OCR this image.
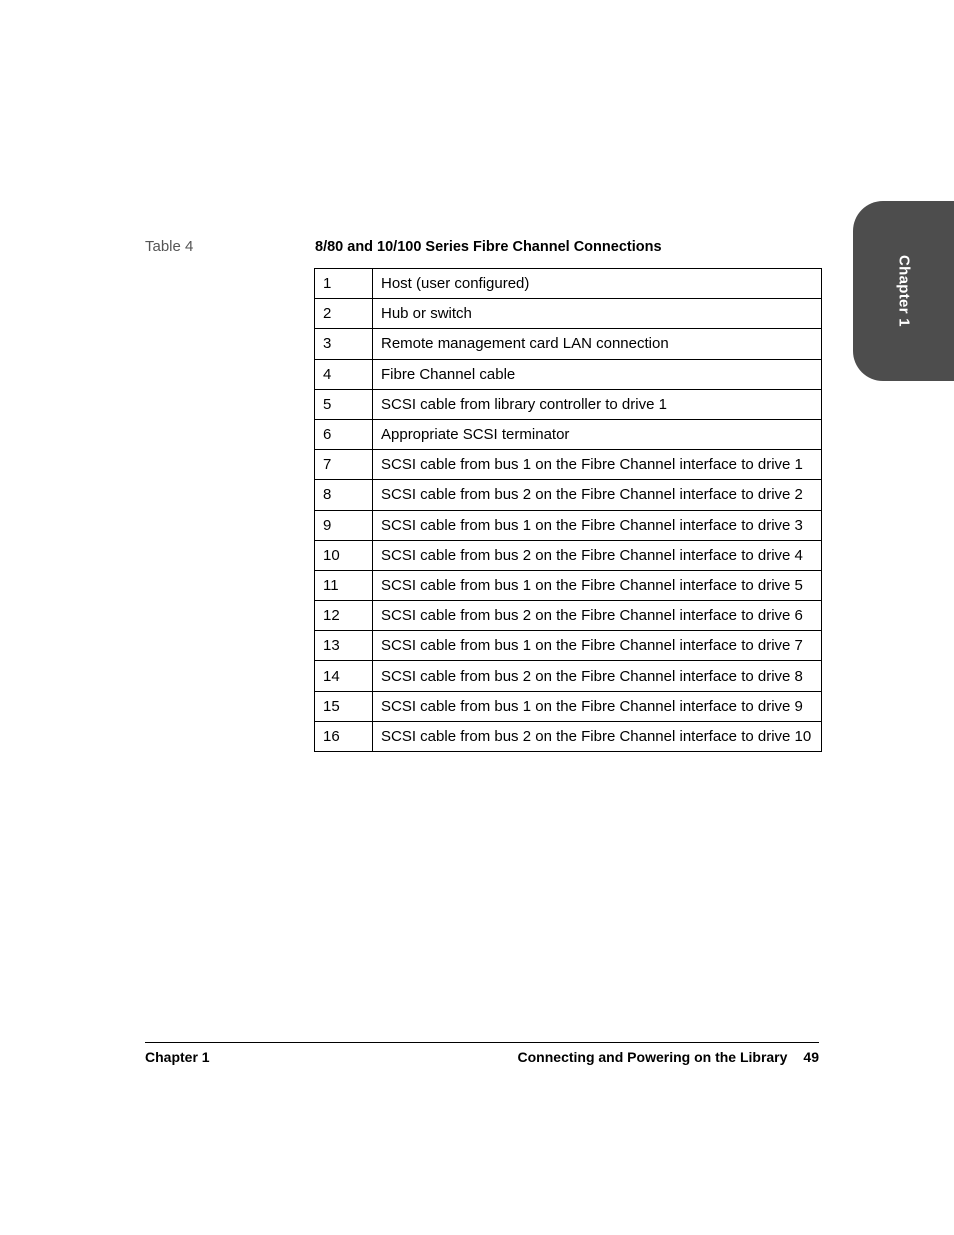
Chapter 1
Table 4	8/80 and 10/100 Series Fibre Channel Connections
1	Host (user configured)
2	Hub or switch
3	Remote management card LAN connection
4	Fibre Channel cable
5	SCSI cable from library controller to drive 1
6	Appropriate SCSI terminator
7	SCSI cable from bus 1 on the Fibre Channel interface to drive 1
8	SCSI cable from bus 2 on the Fibre Channel interface to drive 2
9	SCSI cable from bus 1 on the Fibre Channel interface to drive 3
10	SCSI cable from bus 2 on the Fibre Channel interface to drive 4
11	SCSI cable from bus 1 on the Fibre Channel interface to drive 5
12	SCSI cable from bus 2 on the Fibre Channel interface to drive 6
13	SCSI cable from bus 1 on the Fibre Channel interface to drive 7
14	SCSI cable from bus 2 on the Fibre Channel interface to drive 8
15	SCSI cable from bus 1 on the Fibre Channel interface to drive 9
16	SCSI cable from bus 2 on the Fibre Channel interface to drive 10
Chapter 1	Connecting and Powering on the Library 49
